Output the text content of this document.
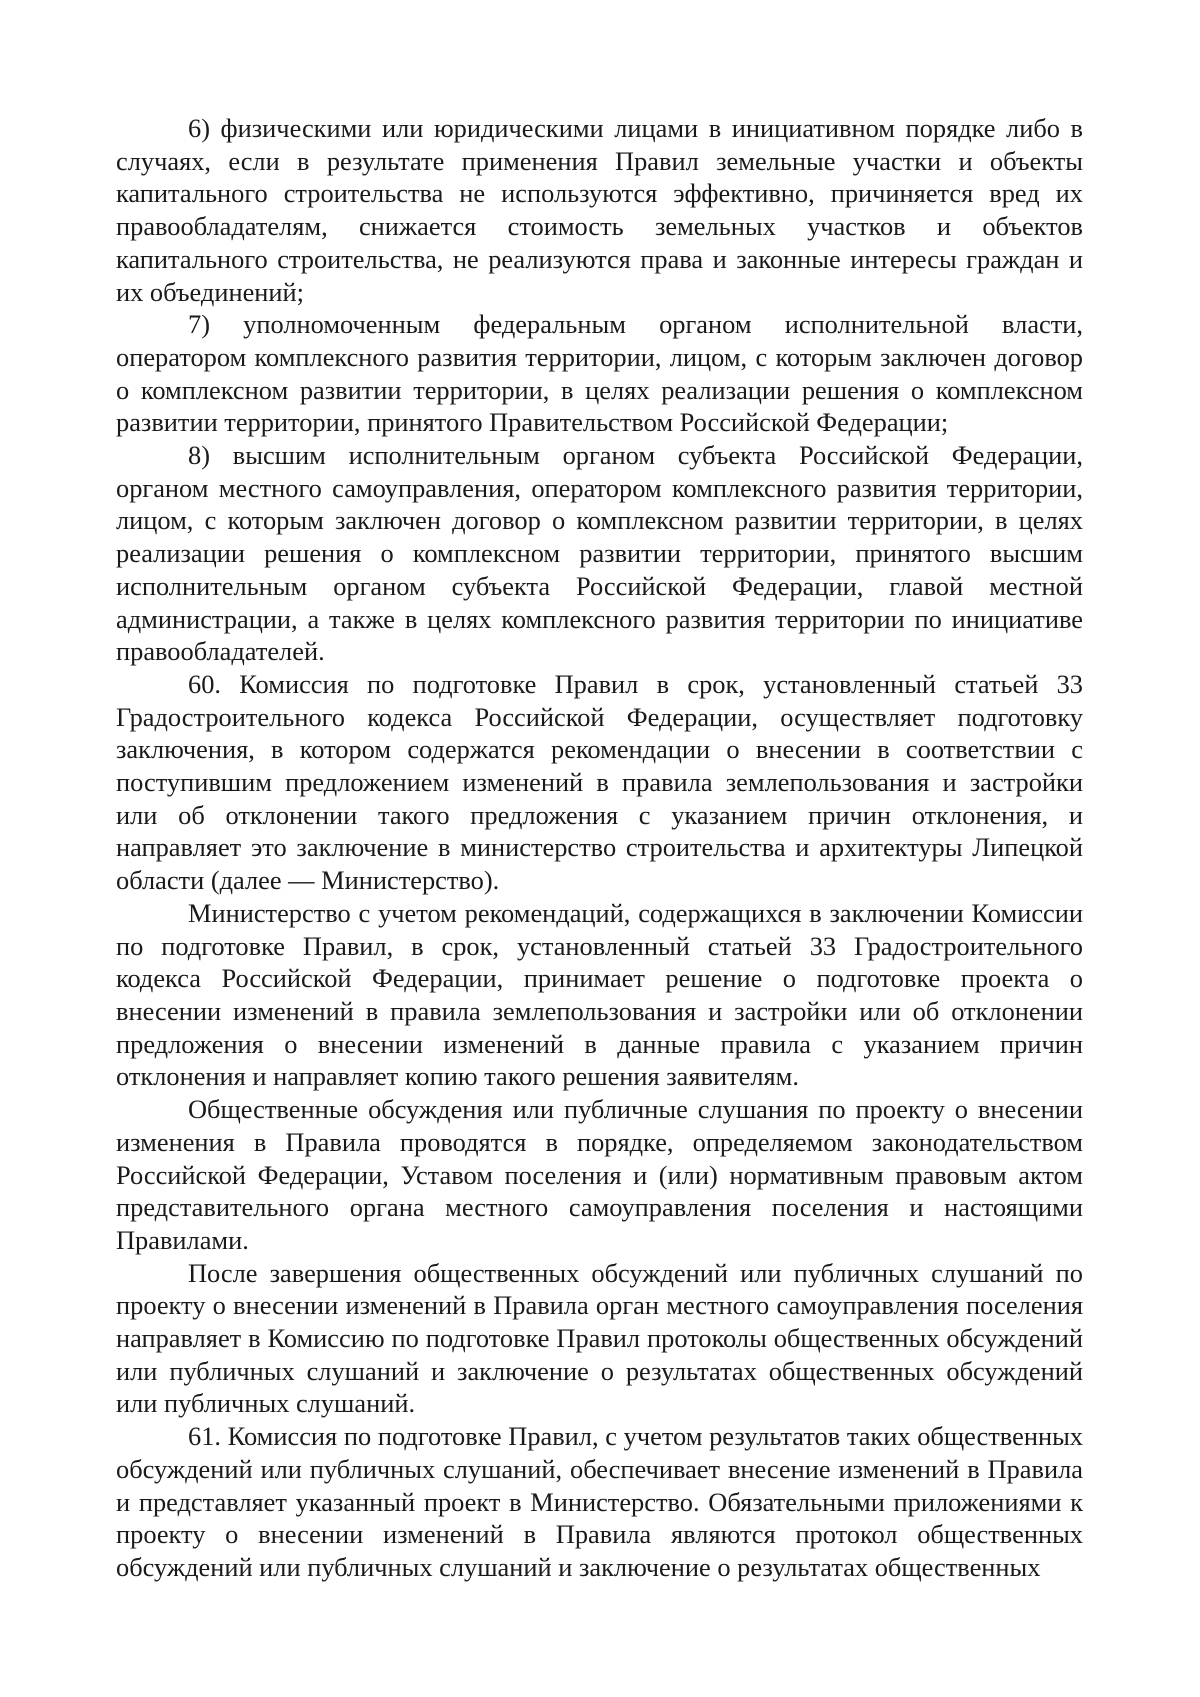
6) физическими или юридическими лицами в инициативном порядке либо в случаях, если в результате применения Правил земельные участки и объекты капитального строительства не используются эффективно, причиняется вред их правообладателям, снижается стоимость земельных участков и объектов капитального строительства, не реализуются права и законные интересы граждан и их объединений;

7) уполномоченным федеральным органом исполнительной власти, оператором комплексного развития территории, лицом, с которым заключен договор о комплексном развитии территории, в целях реализации решения о комплексном развитии территории, принятого Правительством Российской Федерации;

8) высшим исполнительным органом субъекта Российской Федерации, органом местного самоуправления, оператором комплексного развития территории, лицом, с которым заключен договор о комплексном развитии территории, в целях реализации решения о комплексном развитии территории, принятого высшим исполнительным органом субъекта Российской Федерации, главой местной администрации, а также в целях комплексного развития территории по инициативе правообладателей.

60. Комиссия по подготовке Правил в срок, установленный статьей 33 Градостроительного кодекса Российской Федерации, осуществляет подготовку заключения, в котором содержатся рекомендации о внесении в соответствии с поступившим предложением изменений в правила землепользования и застройки или об отклонении такого предложения с указанием причин отклонения, и направляет это заключение в министерство строительства и архитектуры Липецкой области (далее — Министерство).

Министерство с учетом рекомендаций, содержащихся в заключении Комиссии по подготовке Правил, в срок, установленный статьей 33 Градостроительного кодекса Российской Федерации, принимает решение о подготовке проекта о внесении изменений в правила землепользования и застройки или об отклонении предложения о внесении изменений в данные правила с указанием причин отклонения и направляет копию такого решения заявителям.

Общественные обсуждения или публичные слушания по проекту о внесении изменения в Правила проводятся в порядке, определяемом законодательством Российской Федерации, Уставом поселения и (или) нормативным правовым актом представительного органа местного самоуправления поселения и настоящими Правилами.

После завершения общественных обсуждений или публичных слушаний по проекту о внесении изменений в Правила орган местного самоуправления поселения направляет в Комиссию по подготовке Правил протоколы общественных обсуждений или публичных слушаний и заключение о результатах общественных обсуждений или публичных слушаний.

61. Комиссия по подготовке Правил, с учетом результатов таких общественных обсуждений или публичных слушаний, обеспечивает внесение изменений в Правила и представляет указанный проект в Министерство. Обязательными приложениями к проекту о внесении изменений в Правила являются протокол общественных обсуждений или публичных слушаний и заключение о результатах общественных
